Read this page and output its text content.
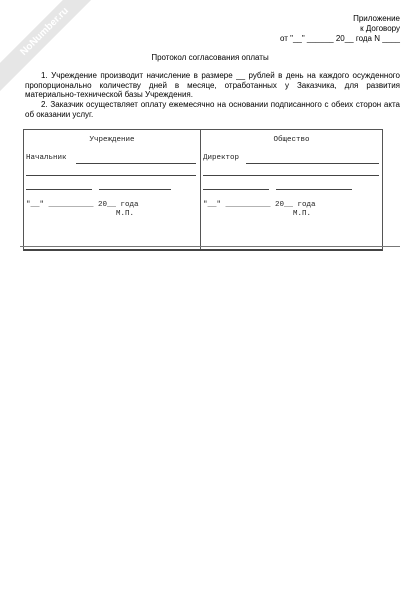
NoNumber.ru	Приложение
к Договору
от "__" ______ 20__ года N ____
Протокол согласования оплаты
1. Учреждение производит начисление в размере __ рублей в день на каждого осужденного пропорционально количеству дней в месяце, отработанных у Заказчика, для развития материально-технической базы Учреждения.
2. Заказчик осуществляет оплату ежемесячно на основании подписанного с обеих сторон акта об оказании услуг.
Учреждение
Начальник
"__" __________ 20__ года
М.П.
Общество
Директор
"__" __________ 20__ года
М.П.
